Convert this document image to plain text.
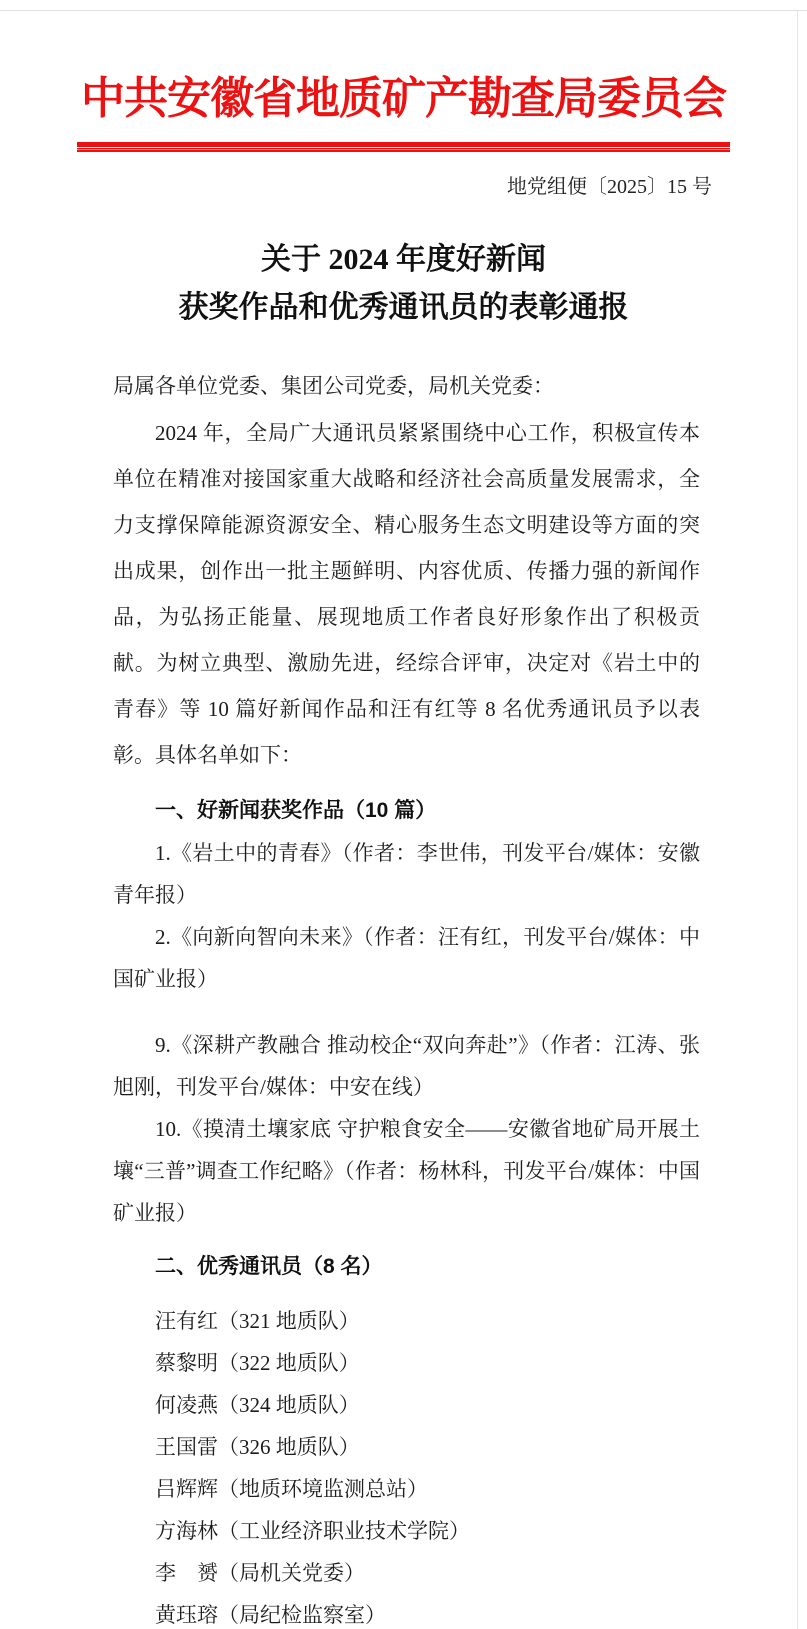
中共安徽省地质矿产勘查局委员会
地党组便〔2025〕15 号
关于 2024 年度好新闻
获奖作品和优秀通讯员的表彰通报

局属各单位党委、集团公司党委，局机关党委：

2024 年，全局广大通讯员紧紧围绕中心工作，积极宣传本单位在精准对接国家重大战略和经济社会高质量发展需求，全力支撑保障能源资源安全、精心服务生态文明建设等方面的突出成果，创作出一批主题鲜明、内容优质、传播力强的新闻作品，为弘扬正能量、展现地质工作者良好形象作出了积极贡献。为树立典型、激励先进，经综合评审，决定对《岩土中的青春》等 10 篇好新闻作品和汪有红等 8 名优秀通讯员予以表彰。具体名单如下：

一、好新闻获奖作品（10 篇）

1.《岩土中的青春》（作者：李世伟，刊发平台/媒体：安徽青年报）

2.《向新向智向未来》（作者：汪有红，刊发平台/媒体：中国矿业报）

9.《深耕产教融合 推动校企“双向奔赴”》（作者：江涛、张旭刚，刊发平台/媒体：中安在线）

10.《摸清土壤家底 守护粮食安全——安徽省地矿局开展土壤“三普”调查工作纪略》（作者：杨林科，刊发平台/媒体：中国矿业报）

二、优秀通讯员（8 名）

汪有红（321 地质队）

蔡黎明（322 地质队）

何凌燕（324 地质队）

王国雷（326 地质队）

吕辉辉（地质环境监测总站）

方海林（工业经济职业技术学院）

李　赟（局机关党委）

黄珏瑢（局纪检监察室）
